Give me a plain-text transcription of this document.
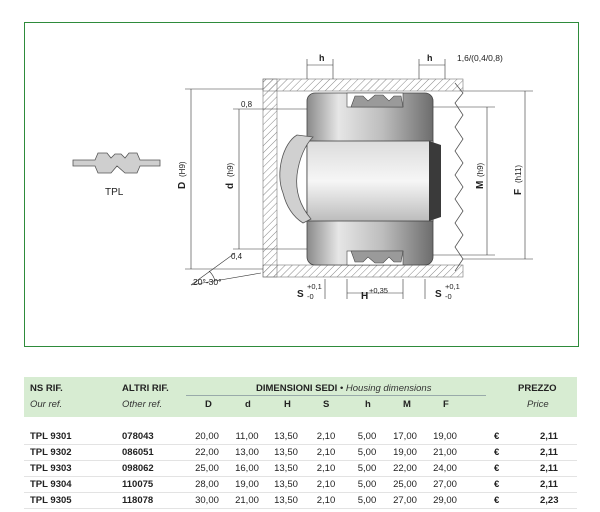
TPL
h	h	1,6/(0,4/0,8)
0,8
0,4
D
(H9)
d
(h9)
M
(h9)
F
(h11)
20°-30°
S
+0,1
-0	H
+0,35	S
+0,1
-0
NS RIF.
Our ref.
ALTRI RIF.
Other ref.
DIMENSIONI SEDI • Housing dimensions
D	d	H	S	h	M	F
PREZZO
Price
TPL 9301	078043	20,00	11,00	13,50	2,10	5,00	17,00	19,00	€	2,11
TPL 9302	086051	22,00	13,00	13,50	2,10	5,00	19,00	21,00	€	2,11
TPL 9303	098062	25,00	16,00	13,50	2,10	5,00	22,00	24,00	€	2,11
TPL 9304	110075	28,00	19,00	13,50	2,10	5,00	25,00	27,00	€	2,11
TPL 9305	118078	30,00	21,00	13,50	2,10	5,00	27,00	29,00	€	2,23
